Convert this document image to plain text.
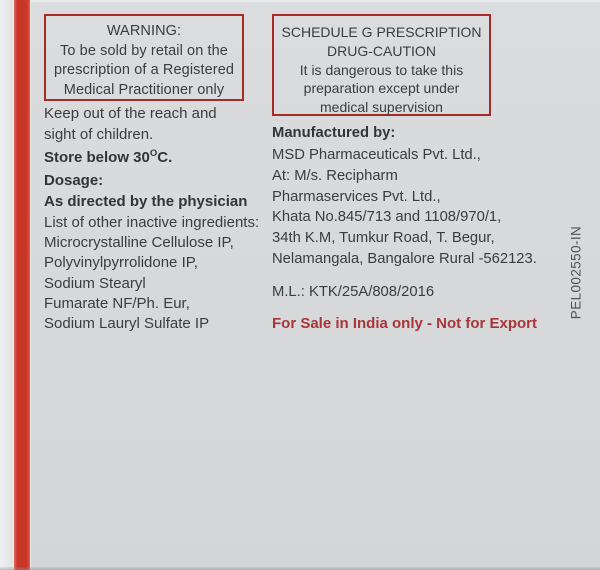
WARNING:
To be sold by retail on the
prescription of a Registered
Medical Practitioner only
SCHEDULE G PRESCRIPTION
DRUG-CAUTION
It is dangerous to take this
preparation except under
medical supervision
Keep out of the reach and
sight of children.
Store below $30^OC$.
Dosage:
As directed by the physician
List of other inactive ingredients:
Microcrystalline Cellulose IP,
Polyvinylpyrrolidone IP,
Sodium Stearyl
Fumarate NF/Ph. Eur,
Sodium Lauryl Sulfate IP
Manufactured by:
MSD Pharmaceuticals Pvt. Ltd.,
At: M/s. Recipharm
Pharmaservices Pvt. Ltd.,
Khata No.845/713 and 1108/970/1,
34th K.M, Tumkur Road, T. Begur,
Nelamangala, Bangalore Rural -562123.
M.L.: KTK/25A/808/2016
For Sale in India only - Not for Export
PEL002550-IN
